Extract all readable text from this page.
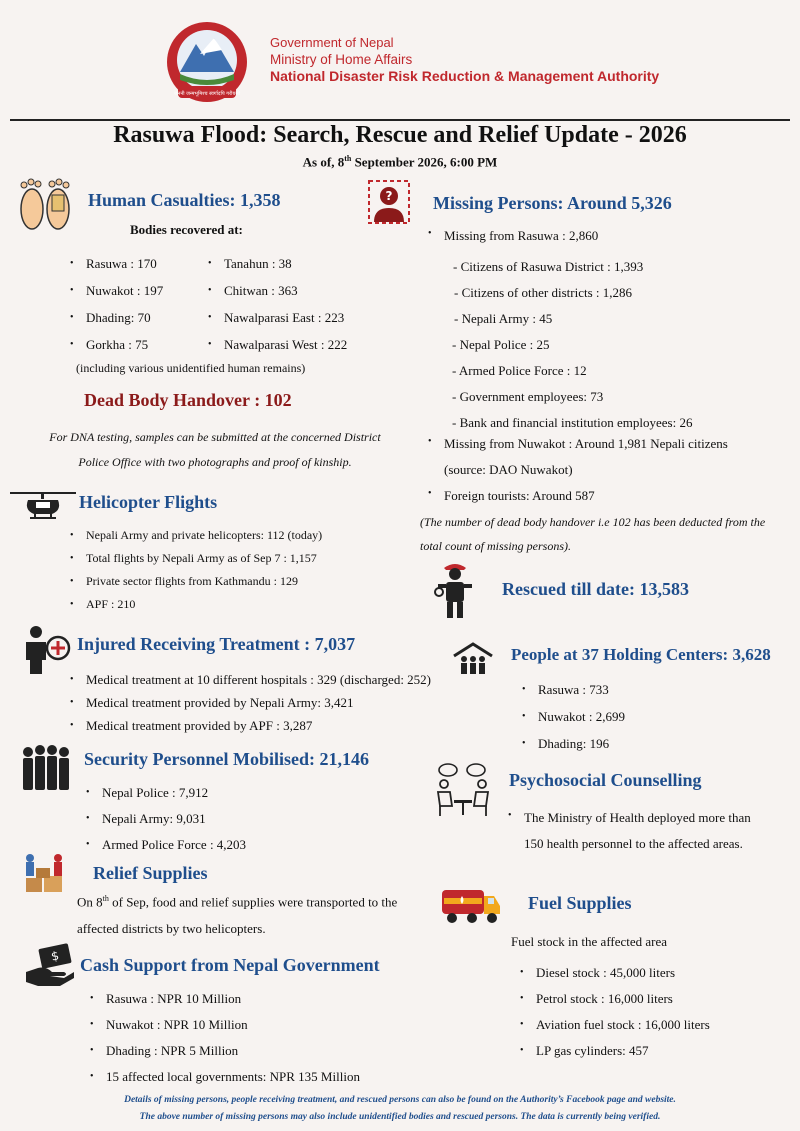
जननी जन्मभूमिश्च स्वर्गादपि गरीयसी
Government of Nepal
Ministry of Home Affairs
National Disaster Risk Reduction & Management Authority
Rasuwa Flood: Search, Rescue and Relief Update - 2026
As of, 8th September 2026, 6:00 PM
Human Casualties: 1,358
Bodies recovered at:
• Rasuwa : 170
• Nuwakot : 197
• Dhading: 70
• Gorkha : 75
• Tanahun : 38
• Chitwan : 363
• Nawalparasi East : 223
• Nawalparasi West : 222
(including various unidentified human remains)
Dead Body Handover : 102
For DNA testing, samples can be submitted at the concerned District
Police Office with two photographs and proof of kinship.
Helicopter Flights
• Nepali Army and private helicopters: 112 (today)
• Total flights by Nepali Army as of Sep 7 : 1,157
• Private sector flights from Kathmandu : 129
• APF : 210
Injured Receiving Treatment : 7,037
• Medical treatment at 10 different hospitals : 329 (discharged: 252)
• Medical treatment provided by Nepali Army: 3,421
• Medical treatment provided by APF : 3,287
Security Personnel Mobilised: 21,146
• Nepal Police : 7,912
• Nepali Army: 9,031
• Armed Police Force : 4,203
Relief Supplies
On 8th of Sep, food and relief supplies were transported to the
affected districts by two helicopters.
$ Cash Support from Nepal Government
• Rasuwa : NPR 10 Million
• Nuwakot : NPR 10 Million
• Dhading : NPR 5 Million
• 15 affected local governments: NPR 135 Million
? Missing Persons: Around 5,326
• Missing from Rasuwa : 2,860
- Citizens of Rasuwa District : 1,393
- Citizens of other districts : 1,286
- Nepali Army : 45
- Nepal Police : 25
- Armed Police Force : 12
- Government employees: 73
- Bank and financial institution employees: 26
• Missing from Nuwakot : Around 1,981 Nepali citizens
(source: DAO Nuwakot)
• Foreign tourists: Around 587
(The number of dead body handover i.e 102 has been deducted from the
total count of missing persons).
Rescued till date: 13,583
People at 37 Holding Centers: 3,628
• Rasuwa : 733
• Nuwakot : 2,699
• Dhading: 196
Psychosocial Counselling
• The Ministry of Health deployed more than
150 health personnel to the affected areas.
Fuel Supplies
Fuel stock in the affected area
• Diesel stock : 45,000 liters
• Petrol stock : 16,000 liters
• Aviation fuel stock : 16,000 liters
• LP gas cylinders: 457
Details of missing persons, people receiving treatment, and rescued persons can also be found on the Authority’s Facebook page and website.
The above number of missing persons may also include unidentified bodies and rescued persons. The data is currently being verified.
